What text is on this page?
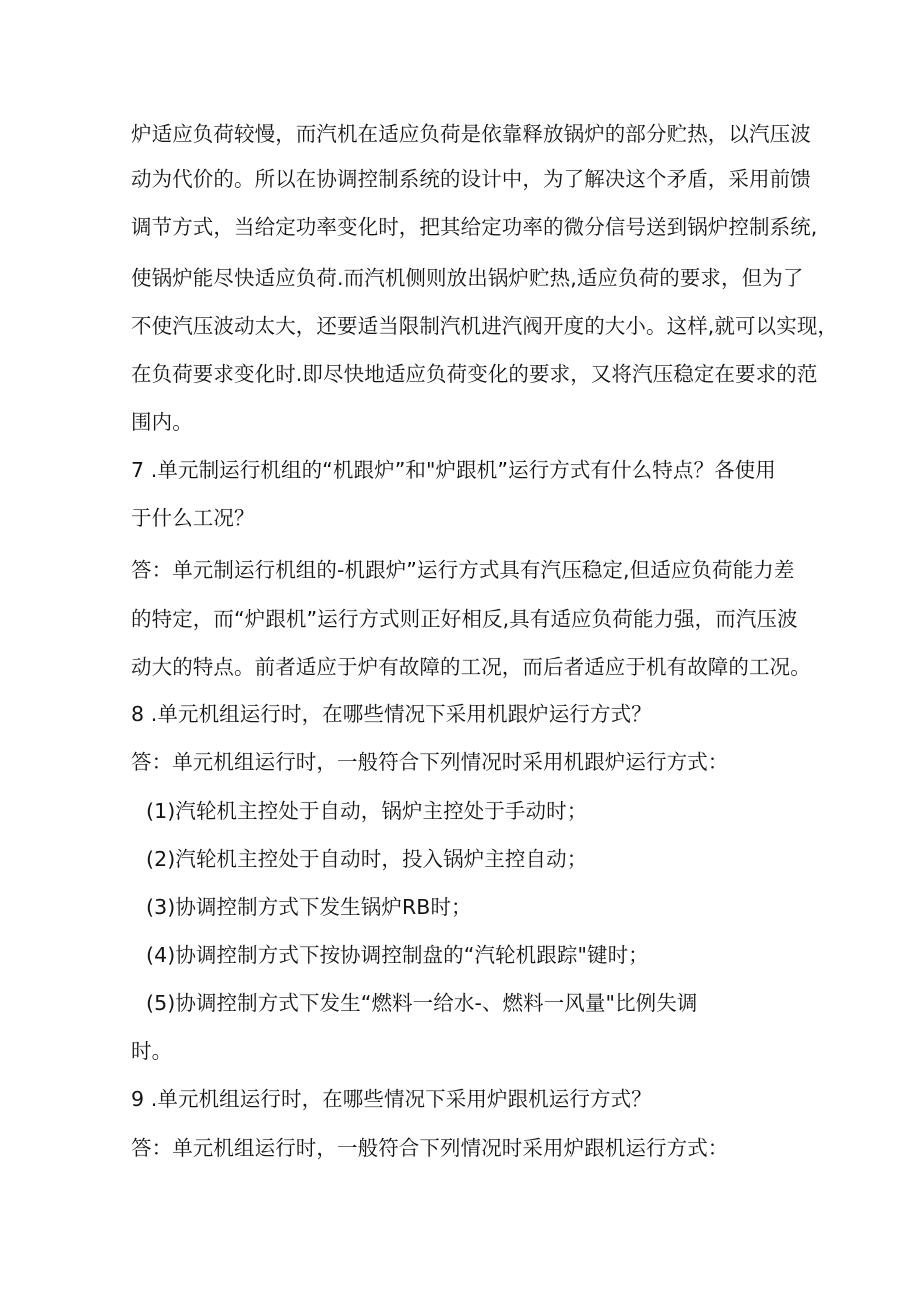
炉适应负荷较慢，而汽机在适应负荷是依靠释放锅炉的部分贮热，以汽压波
动为代价的。所以在协调控制系统的设计中，为了解决这个矛盾，采用前馈
调节方式，当给定功率变化时，把其给定功率的微分信号送到锅炉控制系统,
使锅炉能尽快适应负荷.而汽机侧则放出锅炉贮热,适应负荷的要求，但为了
不使汽压波动太大，还要适当限制汽机进汽阀开度的大小。这样,就可以实现，
在负荷要求变化时.即尽快地适应负荷变化的要求，又将汽压稳定在要求的范
围内。
7 .单元制运行机组的“机跟炉”和"炉跟机”运行方式有什么特点？各使用
于什么工况？
答：单元制运行机组的-机跟炉”运行方式具有汽压稳定,但适应负荷能力差
的特定，而“炉跟机”运行方式则正好相反,具有适应负荷能力强，而汽压波
动大的特点。前者适应于炉有故障的工况，而后者适应于机有故障的工况。
8 .单元机组运行时，在哪些情况下采用机跟炉运行方式？
答：单元机组运行时，一般符合下列情况时采用机跟炉运行方式：
(1)汽轮机主控处于自动，锅炉主控处于手动时；
(2)汽轮机主控处于自动时，投入锅炉主控自动；
(3)协调控制方式下发生锅炉RB时；
(4)协调控制方式下按协调控制盘的“汽轮机跟踪"键时；
(5)协调控制方式下发生“燃料一给水-、燃料一风量"比例失调
时。
9 .单元机组运行时，在哪些情况下采用炉跟机运行方式？
答：单元机组运行时，一般符合下列情况时采用炉跟机运行方式：
